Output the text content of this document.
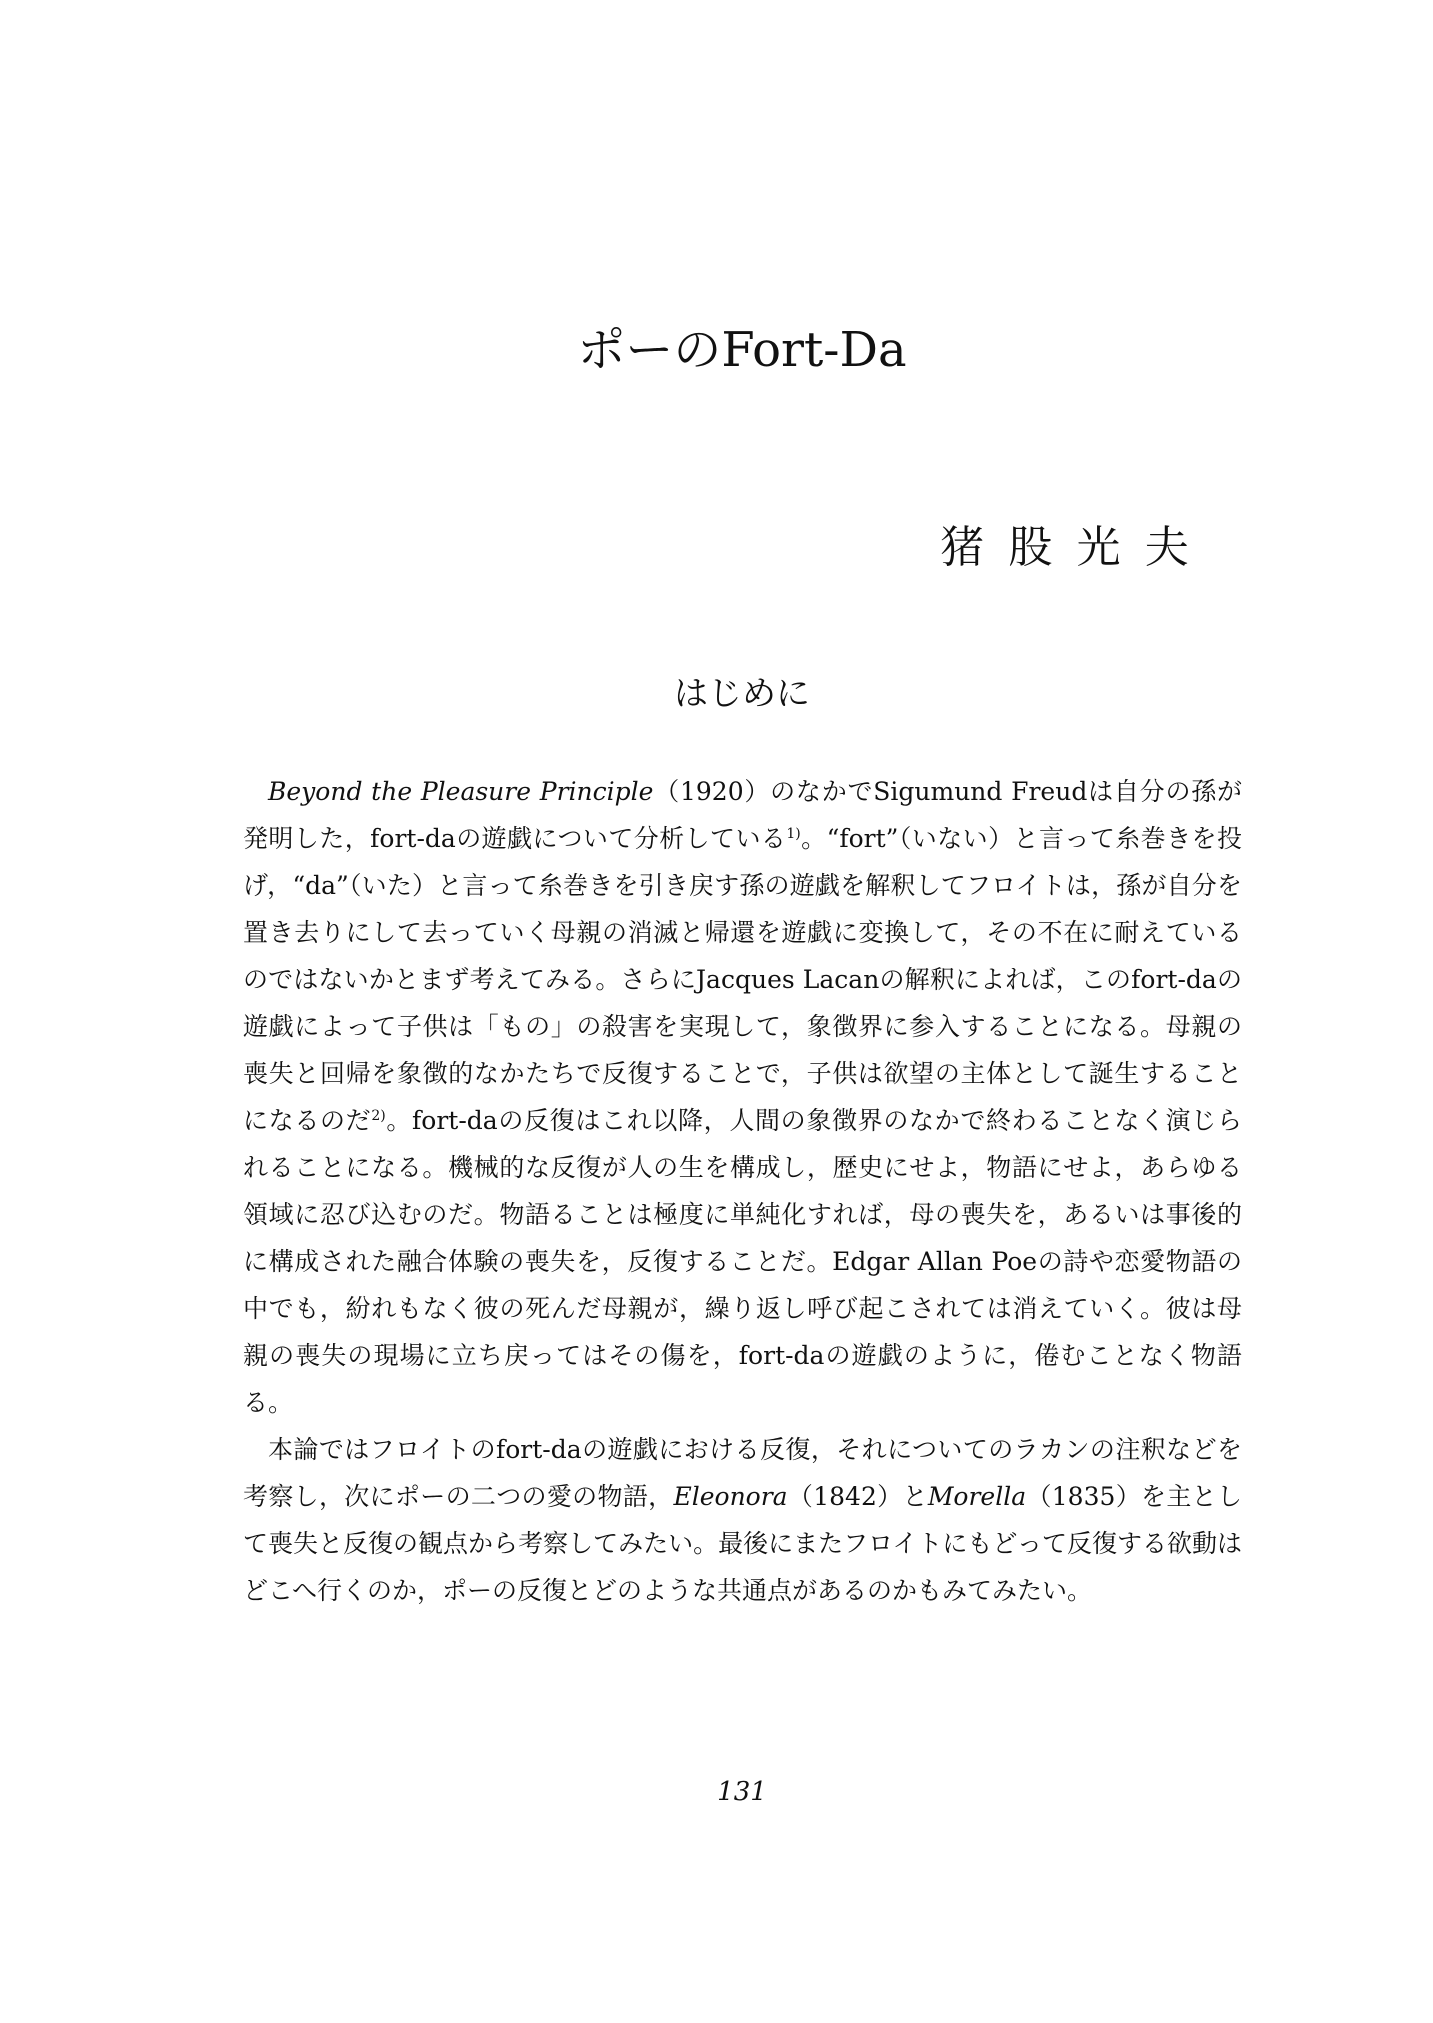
ポーのFort-Da
猪股光夫
はじめに

Beyond the Pleasure Principle（1920）のなかでSigumund Freudは自分の孫が発明した，fort-daの遊戯について分析している$^{1)}$。“fort”（いない）と言って糸巻きを投げ，“da”（いた）と言って糸巻きを引き戻す孫の遊戯を解釈してフロイトは，孫が自分を置き去りにして去っていく母親の消滅と帰還を遊戯に変換して，その不在に耐えているのではないかとまず考えてみる。さらにJacques Lacanの解釈によれば，このfort-daの遊戯によって子供は「もの」の殺害を実現して，象徴界に参入することになる。母親の喪失と回帰を象徴的なかたちで反復することで，子供は欲望の主体として誕生することになるのだ$^{2)}$。fort-daの反復はこれ以降，人間の象徴界のなかで終わることなく演じられることになる。機械的な反復が人の生を構成し，歴史にせよ，物語にせよ，あらゆる領域に忍び込むのだ。物語ることは極度に単純化すれば，母の喪失を，あるいは事後的に構成された融合体験の喪失を，反復することだ。Edgar Allan Poeの詩や恋愛物語の中でも，紛れもなく彼の死んだ母親が，繰り返し呼び起こされては消えていく。彼は母親の喪失の現場に立ち戻ってはその傷を，fort-daの遊戯のように，倦むことなく物語る。

本論ではフロイトのfort-daの遊戯における反復，それについてのラカンの注釈などを考察し，次にポーの二つの愛の物語，Eleonora（1842）とMorella（1835）を主として喪失と反復の観点から考察してみたい。最後にまたフロイトにもどって反復する欲動はどこへ行くのか，ポーの反復とどのような共通点があるのかもみてみたい。

131
